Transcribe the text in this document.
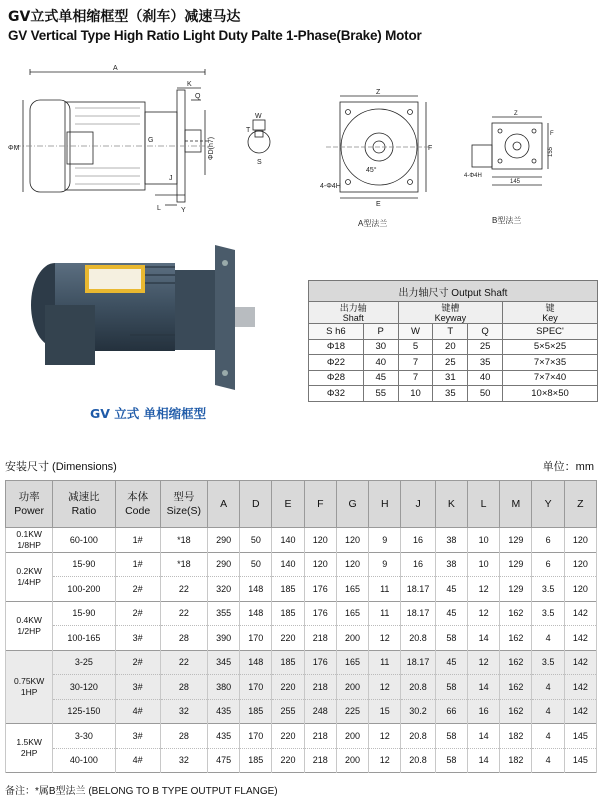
GV立式单相缩框型（刹车）减速马达
GV Vertical Type High Ratio Light Duty Palte 1-Phase(Brake) Motor
A
K
Q
ΦM
G	ΦD(h7)
W
T
S
L
J
Y
Z
F
E
4-Φ4H
45°
A型法兰
Z
F
155
145
4-Φ4H
B型法兰
GV 立式 单相缩框型
出力轴尺寸 Output Shaft					
出力轴
Shaft		键槽
Keyway			键
Key
S h6	P	W	T	Q	SPEC'
Φ18	30	5	20	25	5×5×25
Φ22	40	7	25	35	7×7×35
Φ28	45	7	31	40	7×7×40
Φ32	55	10	35	50	10×8×50
安装尺寸 (Dimensions)	单位：mm
功率
Power	减速比
Ratio	本体
Code	型号
Size(S)	A	D	E	F	G	H	J	K	L	M	Y	Z
0.1KW
1/8HP	60-100	1#	*18	290	50	140	120	120	9	16	38	10	129	6	120
0.2KW
1/4HP	15-90	1#	*18	290	50	140	120	120	9	16	38	10	129	6	120
	100-200	2#	22	320	148	185	176	165	11	18.17	45	12	129	3.5	120
0.4KW
1/2HP	15-90	2#	22	355	148	185	176	165	11	18.17	45	12	162	3.5	142
	100-165	3#	28	390	170	220	218	200	12	20.8	58	14	162	4	142
0.75KW
1HP	3-25	2#	22	345	148	185	176	165	11	18.17	45	12	162	3.5	142
	30-120	3#	28	380	170	220	218	200	12	20.8	58	14	162	4	142
	125-150	4#	32	435	185	255	248	225	15	30.2	66	16	162	4	142
1.5KW
2HP	3-30	3#	28	435	170	220	218	200	12	20.8	58	14	182	4	145
	40-100	4#	32	475	185	220	218	200	12	20.8	58	14	182	4	145
备注：*属B型法兰 (BELONG TO B TYPE OUTPUT FLANGE)
